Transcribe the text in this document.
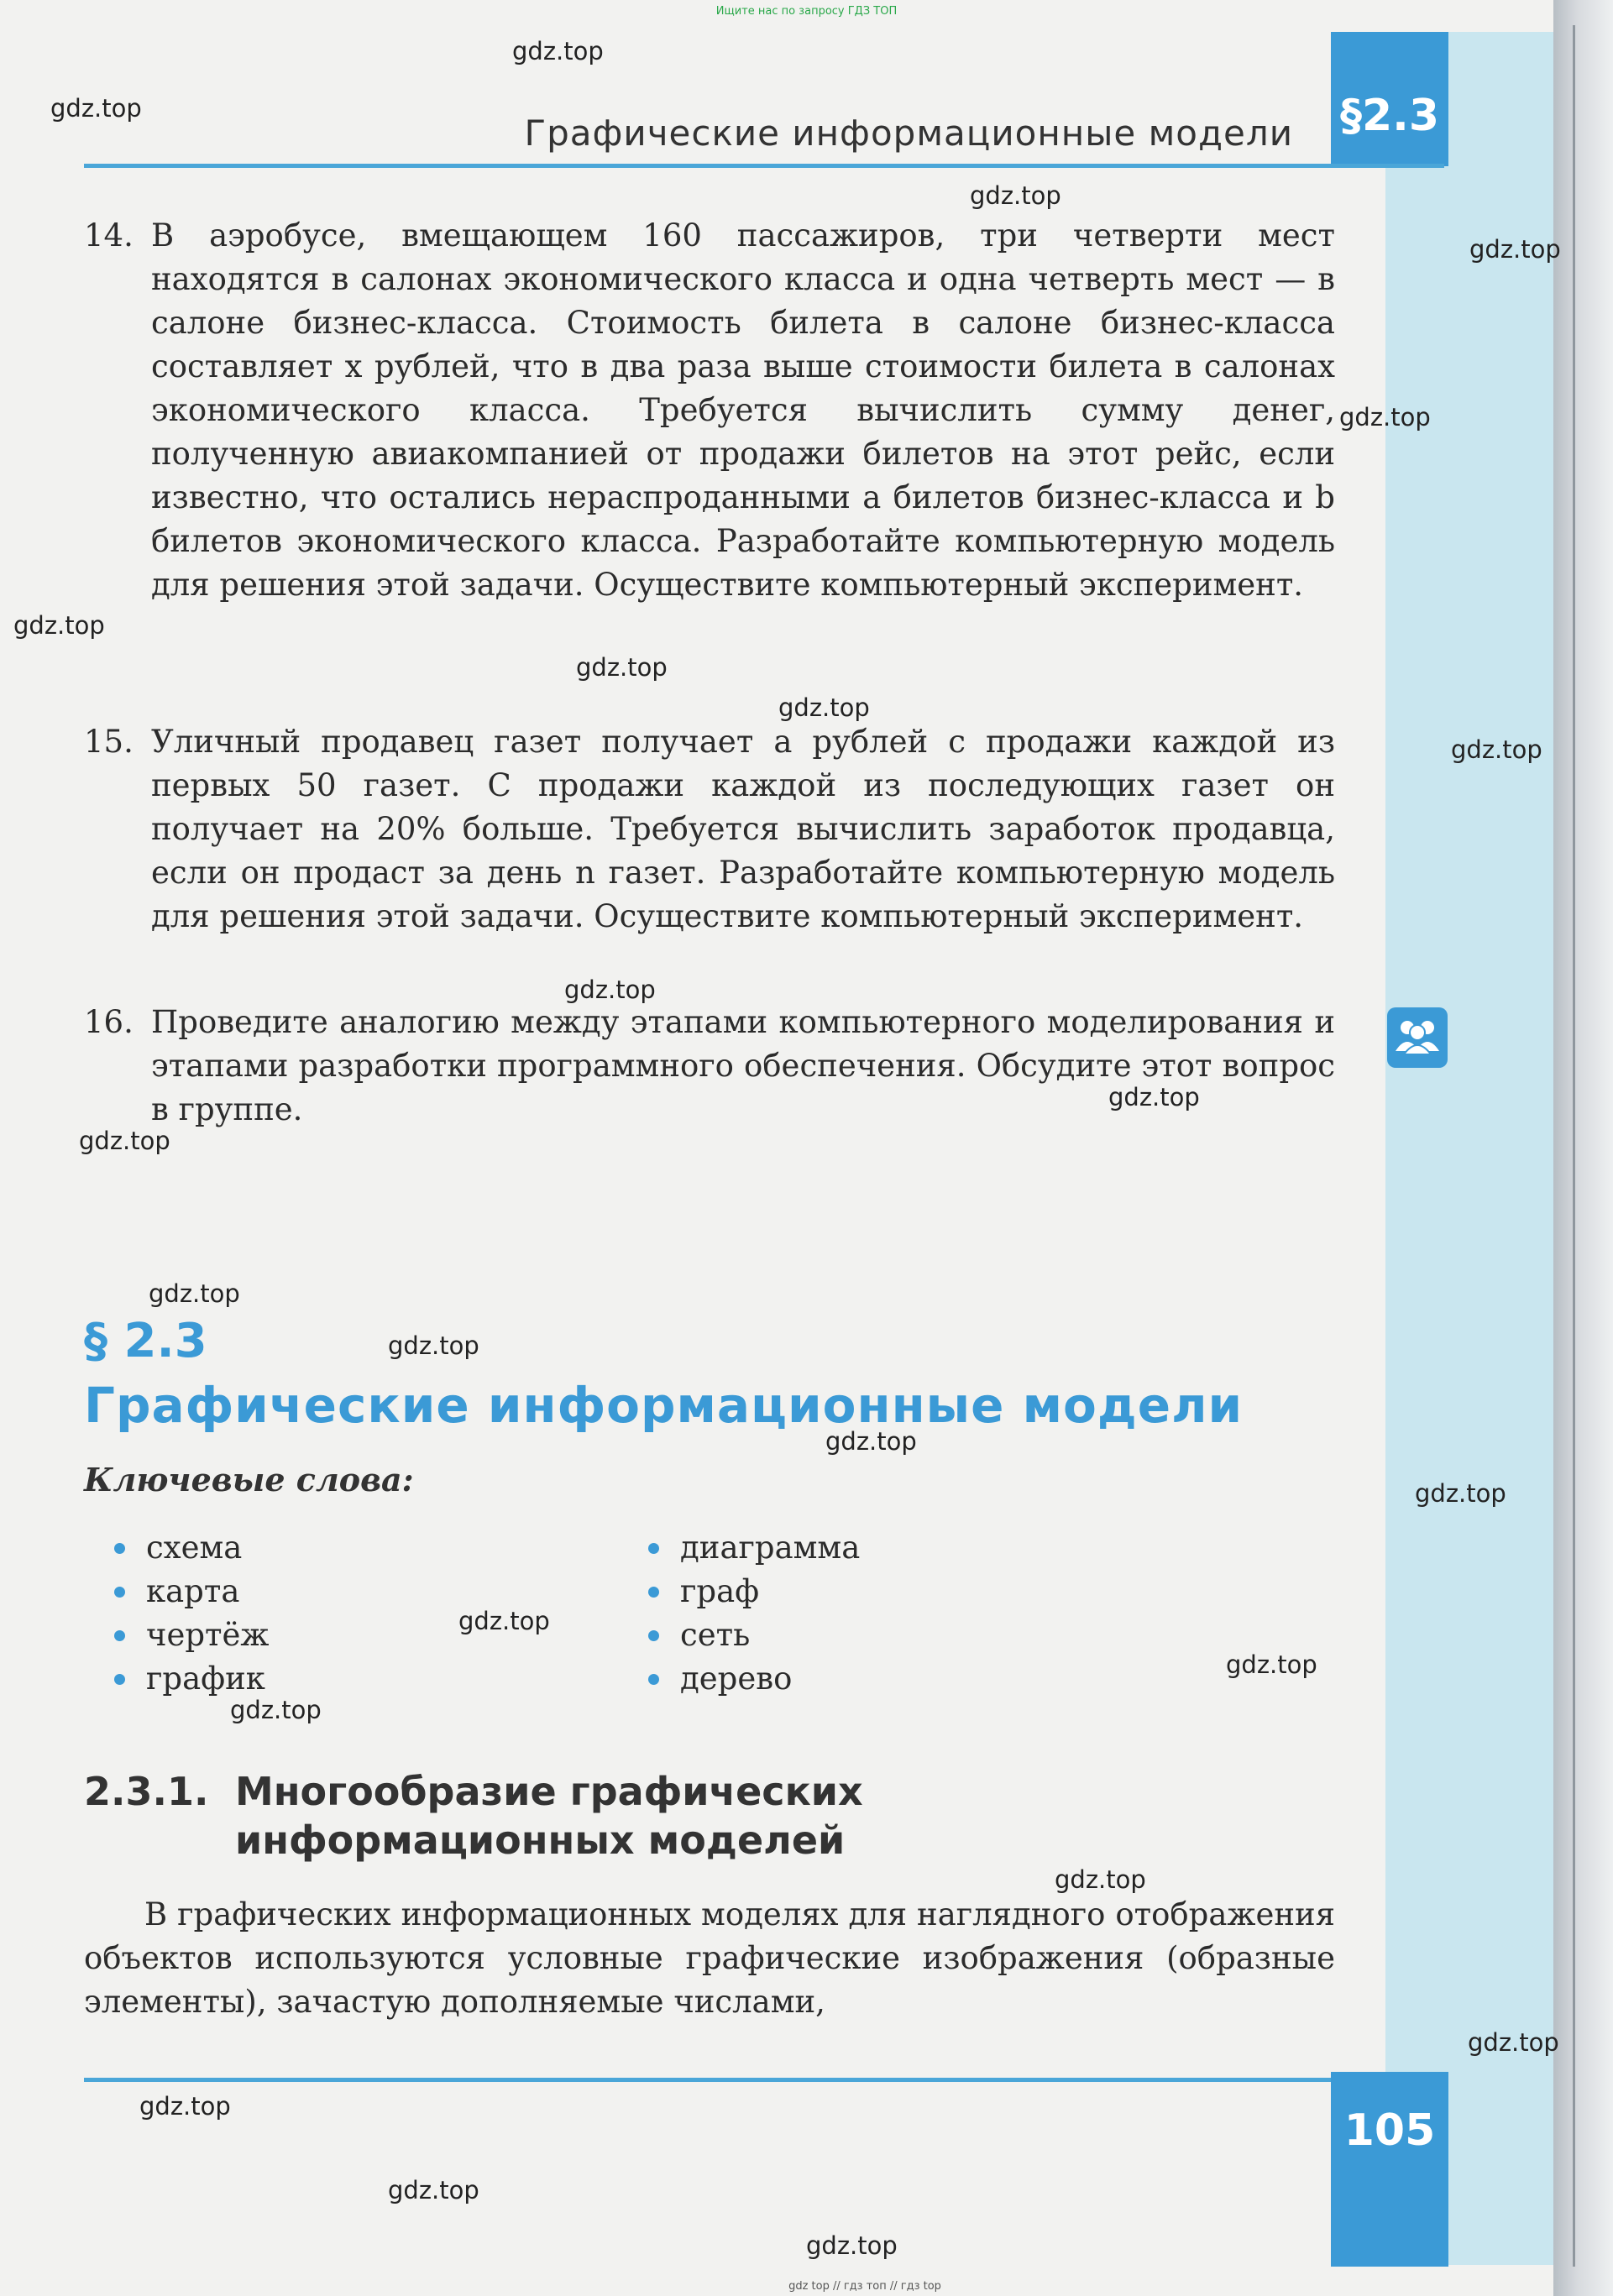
Ищите нас по запросу ГДЗ ТОП
Графические информационные модели §2.3
14. В аэробусе, вмещающем 160 пассажиров, три четверти мест находятся в салонах экономического класса и одна четверть мест — в салоне бизнес-класса. Стоимость билета в салоне бизнес-класса составляет x рублей, что в два раза выше стоимости билета в салонах экономического класса. Требуется вычислить сумму денег, полученную авиакомпанией от продажи билетов на этот рейс, если известно, что остались нераспроданными a билетов бизнес-класса и b билетов экономического класса. Разработайте компьютерную модель для решения этой задачи. Осуществите компьютерный эксперимент.
15. Уличный продавец газет получает a рублей с продажи каждой из первых 50 газет. С продажи каждой из последующих газет он получает на 20% больше. Требуется вычислить заработок продавца, если он продаст за день n газет. Разработайте компьютерную модель для решения этой задачи. Осуществите компьютерный эксперимент.
16. Проведите аналогию между этапами компьютерного моделирования и этапами разработки программного обеспечения. Обсудите этот вопрос в группе.
§ 2.3
Графические информационные модели
Ключевые слова:
схема
карта
чертёж
график
диаграмма
граф
сеть
дерево
2.3.1. Многообразие графических информационных моделей
В графических информационных моделях для наглядного отображения объектов используются условные графические изображения (образные элементы), зачастую дополняемые числами,
105
gdz.top
gdz.top
gdz.top
gdz.top
gdz.top
gdz.top
gdz.top
gdz.top
gdz.top
gdz.top
gdz.top
gdz.top
gdz.top
gdz.top
gdz.top
gdz.top
gdz.top
gdz.top
gdz.top
gdz.top
gdz.top
gdz.top
gdz.top
gdz.top
gdz top // гдз топ // гдз top
